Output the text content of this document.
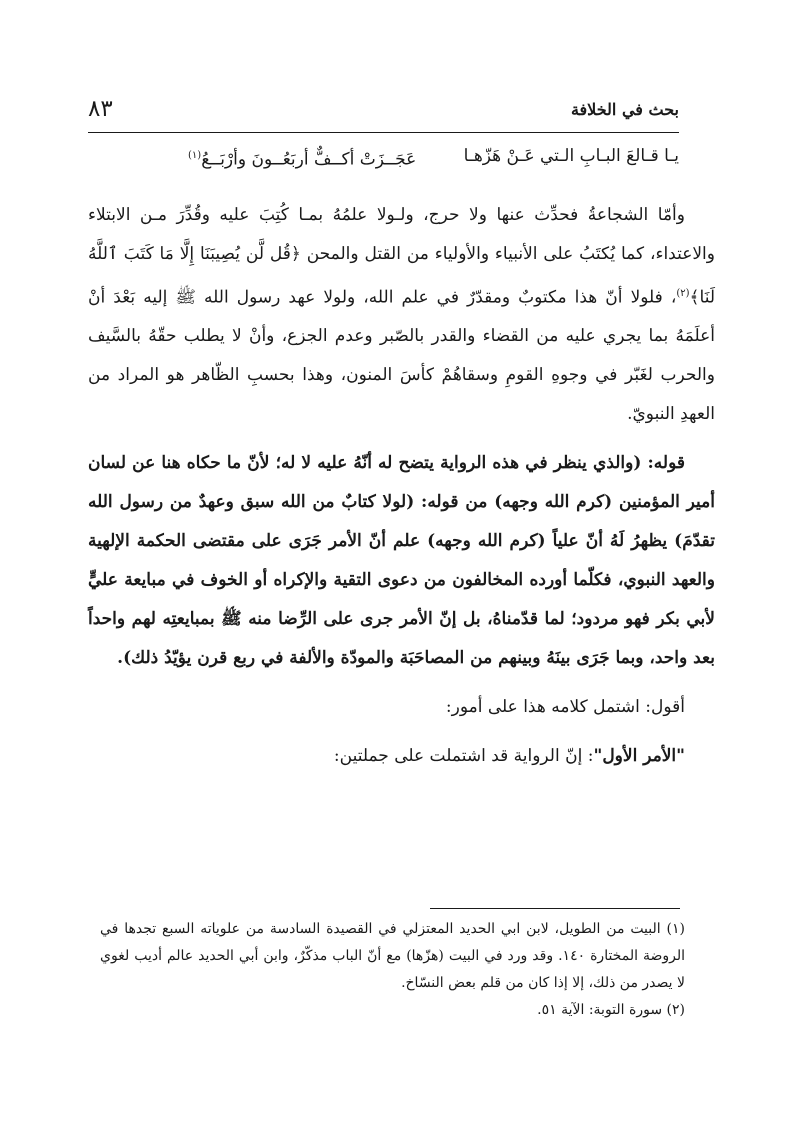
بحث في الخلافة
٨٣
يـا قـالعَ البـابِ الـتي عَـنْ هَزّهـا
عَجَــزَتْ أكــفٌّ أربَعُــونَ وأرْبَــعُ$^{(١)}$

وأمّا الشجاعةُ فحدِّث عنها ولا حرج، ولـولا علمُهُ بمـا كُتِبَ عليه وقُدِّرَ مـن الابتلاء والاعتداء، كما يُكتَبُ على الأنبياء والأولياء من القتل والمحن ﴿قُل لَّن يُصِيبَنَا إِلَّا مَا كَتَبَ ٱللَّهُ لَنَا﴾$^{(٢)}$، فلولا أنّ هذا مكتوبٌ ومقدّرٌ في علم الله، ولولا عهد رسول الله ﷺ إليه بَعْدَ أنْ أعلَمَهُ بما يجري عليه من القضاء والقدر بالصّبر وعدم الجزع، وأنْ لا يطلب حقّهُ بالسَّيف والحرب لغَبّر في وجوهِ القومِ وسقاهُمْ كأسَ المنون، وهذا بحسبِ الظّاهر هو المراد من العهدِ النبويّ.

قوله: (والذي ينظر في هذه الرواية يتضح له أنّهُ عليه لا له؛ لأنّ ما حكاه هنا عن لسان أمير المؤمنين (كرم الله وجهه) من قوله: (لولا كتابٌ من الله سبق وعهدٌ من رسول الله تقدّمَ) يظهرُ لَهُ أنّ علياً (كرم الله وجهه) علم أنّ الأمر جَرَى على مقتضى الحكمة الإلهية والعهد النبوي، فكلّما أورده المخالفون من دعوى التقية والإكراه أو الخوف في مبايعة عليٍّ لأبي بكر فهو مردود؛ لما قدّمناهُ، بل إنّ الأمر جرى على الرِّضا منه ﷺ بمبايعتِه لهم واحداً بعد واحد، وبما جَرَى بينَهُ وبينهم من المصاحَبَة والمودّة والألفة في ربع قرن يؤيّدُ ذلك).

أقول: اشتمل كلامه هذا على أمور:

"الأمر الأول": إنّ الرواية قد اشتملت على جملتين:

(١) البيت من الطويل، لابن ابي الحديد المعتزلي في القصيدة السادسة من علوياته السبع تجدها في الروضة المختارة ١٤٠. وقد ورد في البيت (هزّها) مع أنّ الباب مذكّرٌ، وابن أبي الحديد عالم أديب لغوي لا يصدر من ذلك، إلا إذا كان من قلم بعض النسّاخ.

(٢) سورة التوبة: الآية ٥١.
